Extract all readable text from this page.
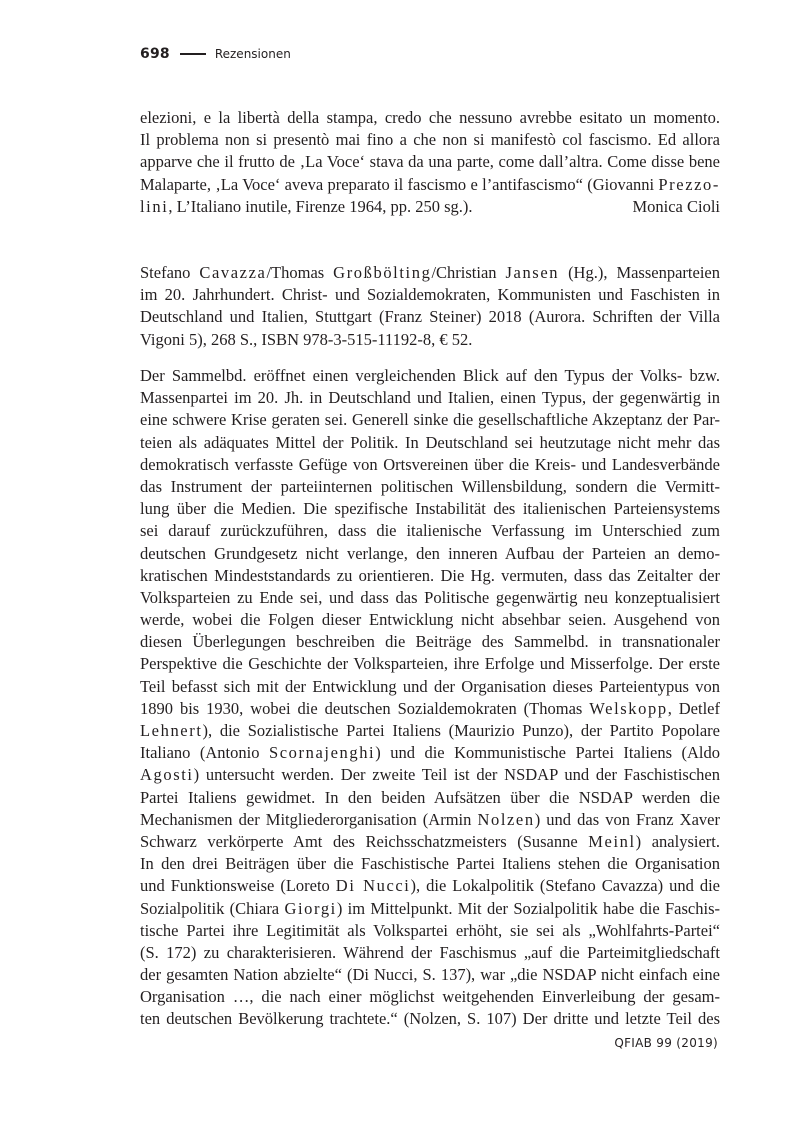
698	Rezensionen
elezioni, e la libertà della stampa, credo che nessuno avrebbe esitato un momento.
Il problema non si presentò mai fino a che non si manifestò col fascismo. Ed allora
apparve che il frutto de ‚La Voce‘ stava da una parte, come dall’altra. Come disse bene
Malaparte, ‚La Voce‘ aveva preparato il fascismo e l’antifascismo“ (Giovanni Prezzo-
lini, L’Italiano inutile, Firenze 1964, pp. 250 sg.).	Monica Cioli
Stefano Cavazza/Thomas Großbölting/Christian Jansen (Hg.), Massenparteien
im 20. Jahrhundert. Christ- und Sozialdemokraten, Kommunisten und Faschisten in
Deutschland und Italien, Stuttgart (Franz Steiner) 2018 (Aurora. Schriften der Villa
Vigoni 5), 268 S., ISBN 978-3-515-11192-8, € 52.
Der Sammelbd. eröffnet einen vergleichenden Blick auf den Typus der Volks- bzw.
Massenpartei im 20. Jh. in Deutschland und Italien, einen Typus, der gegenwärtig in
eine schwere Krise geraten sei. Generell sinke die gesellschaftliche Akzeptanz der Par-
teien als adäquates Mittel der Politik. In Deutschland sei heutzutage nicht mehr das
demokratisch verfasste Gefüge von Ortsvereinen über die Kreis- und Landesverbände
das Instrument der parteiinternen politischen Willensbildung, sondern die Vermitt-
lung über die Medien. Die spezifische Instabilität des italienischen Parteiensystems
sei darauf zurückzuführen, dass die italienische Verfassung im Unterschied zum
deutschen Grundgesetz nicht verlange, den inneren Aufbau der Parteien an demo-
kratischen Mindeststandards zu orientieren. Die Hg. vermuten, dass das Zeitalter der
Volksparteien zu Ende sei, und dass das Politische gegenwärtig neu konzeptualisiert
werde, wobei die Folgen dieser Entwicklung nicht absehbar seien. Ausgehend von
diesen Überlegungen beschreiben die Beiträge des Sammelbd. in transnationaler
Perspektive die Geschichte der Volksparteien, ihre Erfolge und Misserfolge. Der erste
Teil befasst sich mit der Entwicklung und der Organisation dieses Parteientypus von
1890 bis 1930, wobei die deutschen Sozialdemokraten (Thomas Welskopp, Detlef
Lehnert), die Sozialistische Partei Italiens (Maurizio Punzo), der Partito Popolare
Italiano (Antonio Scornajenghi) und die Kommunistische Partei Italiens (Aldo
Agosti) untersucht werden. Der zweite Teil ist der NSDAP und der Faschistischen
Partei Italiens gewidmet. In den beiden Aufsätzen über die NSDAP werden die
Mechanismen der Mitgliederorganisation (Armin Nolzen) und das von Franz Xaver
Schwarz verkörperte Amt des Reichsschatzmeisters (Susanne Meinl) analysiert.
In den drei Beiträgen über die Faschistische Partei Italiens stehen die Organisation
und Funktionsweise (Loreto Di Nucci), die Lokalpolitik (Stefano Cavazza) und die
Sozialpolitik (Chiara Giorgi) im Mittelpunkt. Mit der Sozialpolitik habe die Faschis-
tische Partei ihre Legitimität als Volkspartei erhöht, sie sei als „Wohlfahrts-Partei“
(S. 172) zu charakterisieren. Während der Faschismus „auf die Parteimitgliedschaft
der gesamten Nation abzielte“ (Di Nucci, S. 137), war „die NSDAP nicht einfach eine
Organisation …, die nach einer möglichst weitgehenden Einverleibung der gesam-
ten deutschen Bevölkerung trachtete.“ (Nolzen, S. 107) Der dritte und letzte Teil des
QFIAB 99 (2019)
